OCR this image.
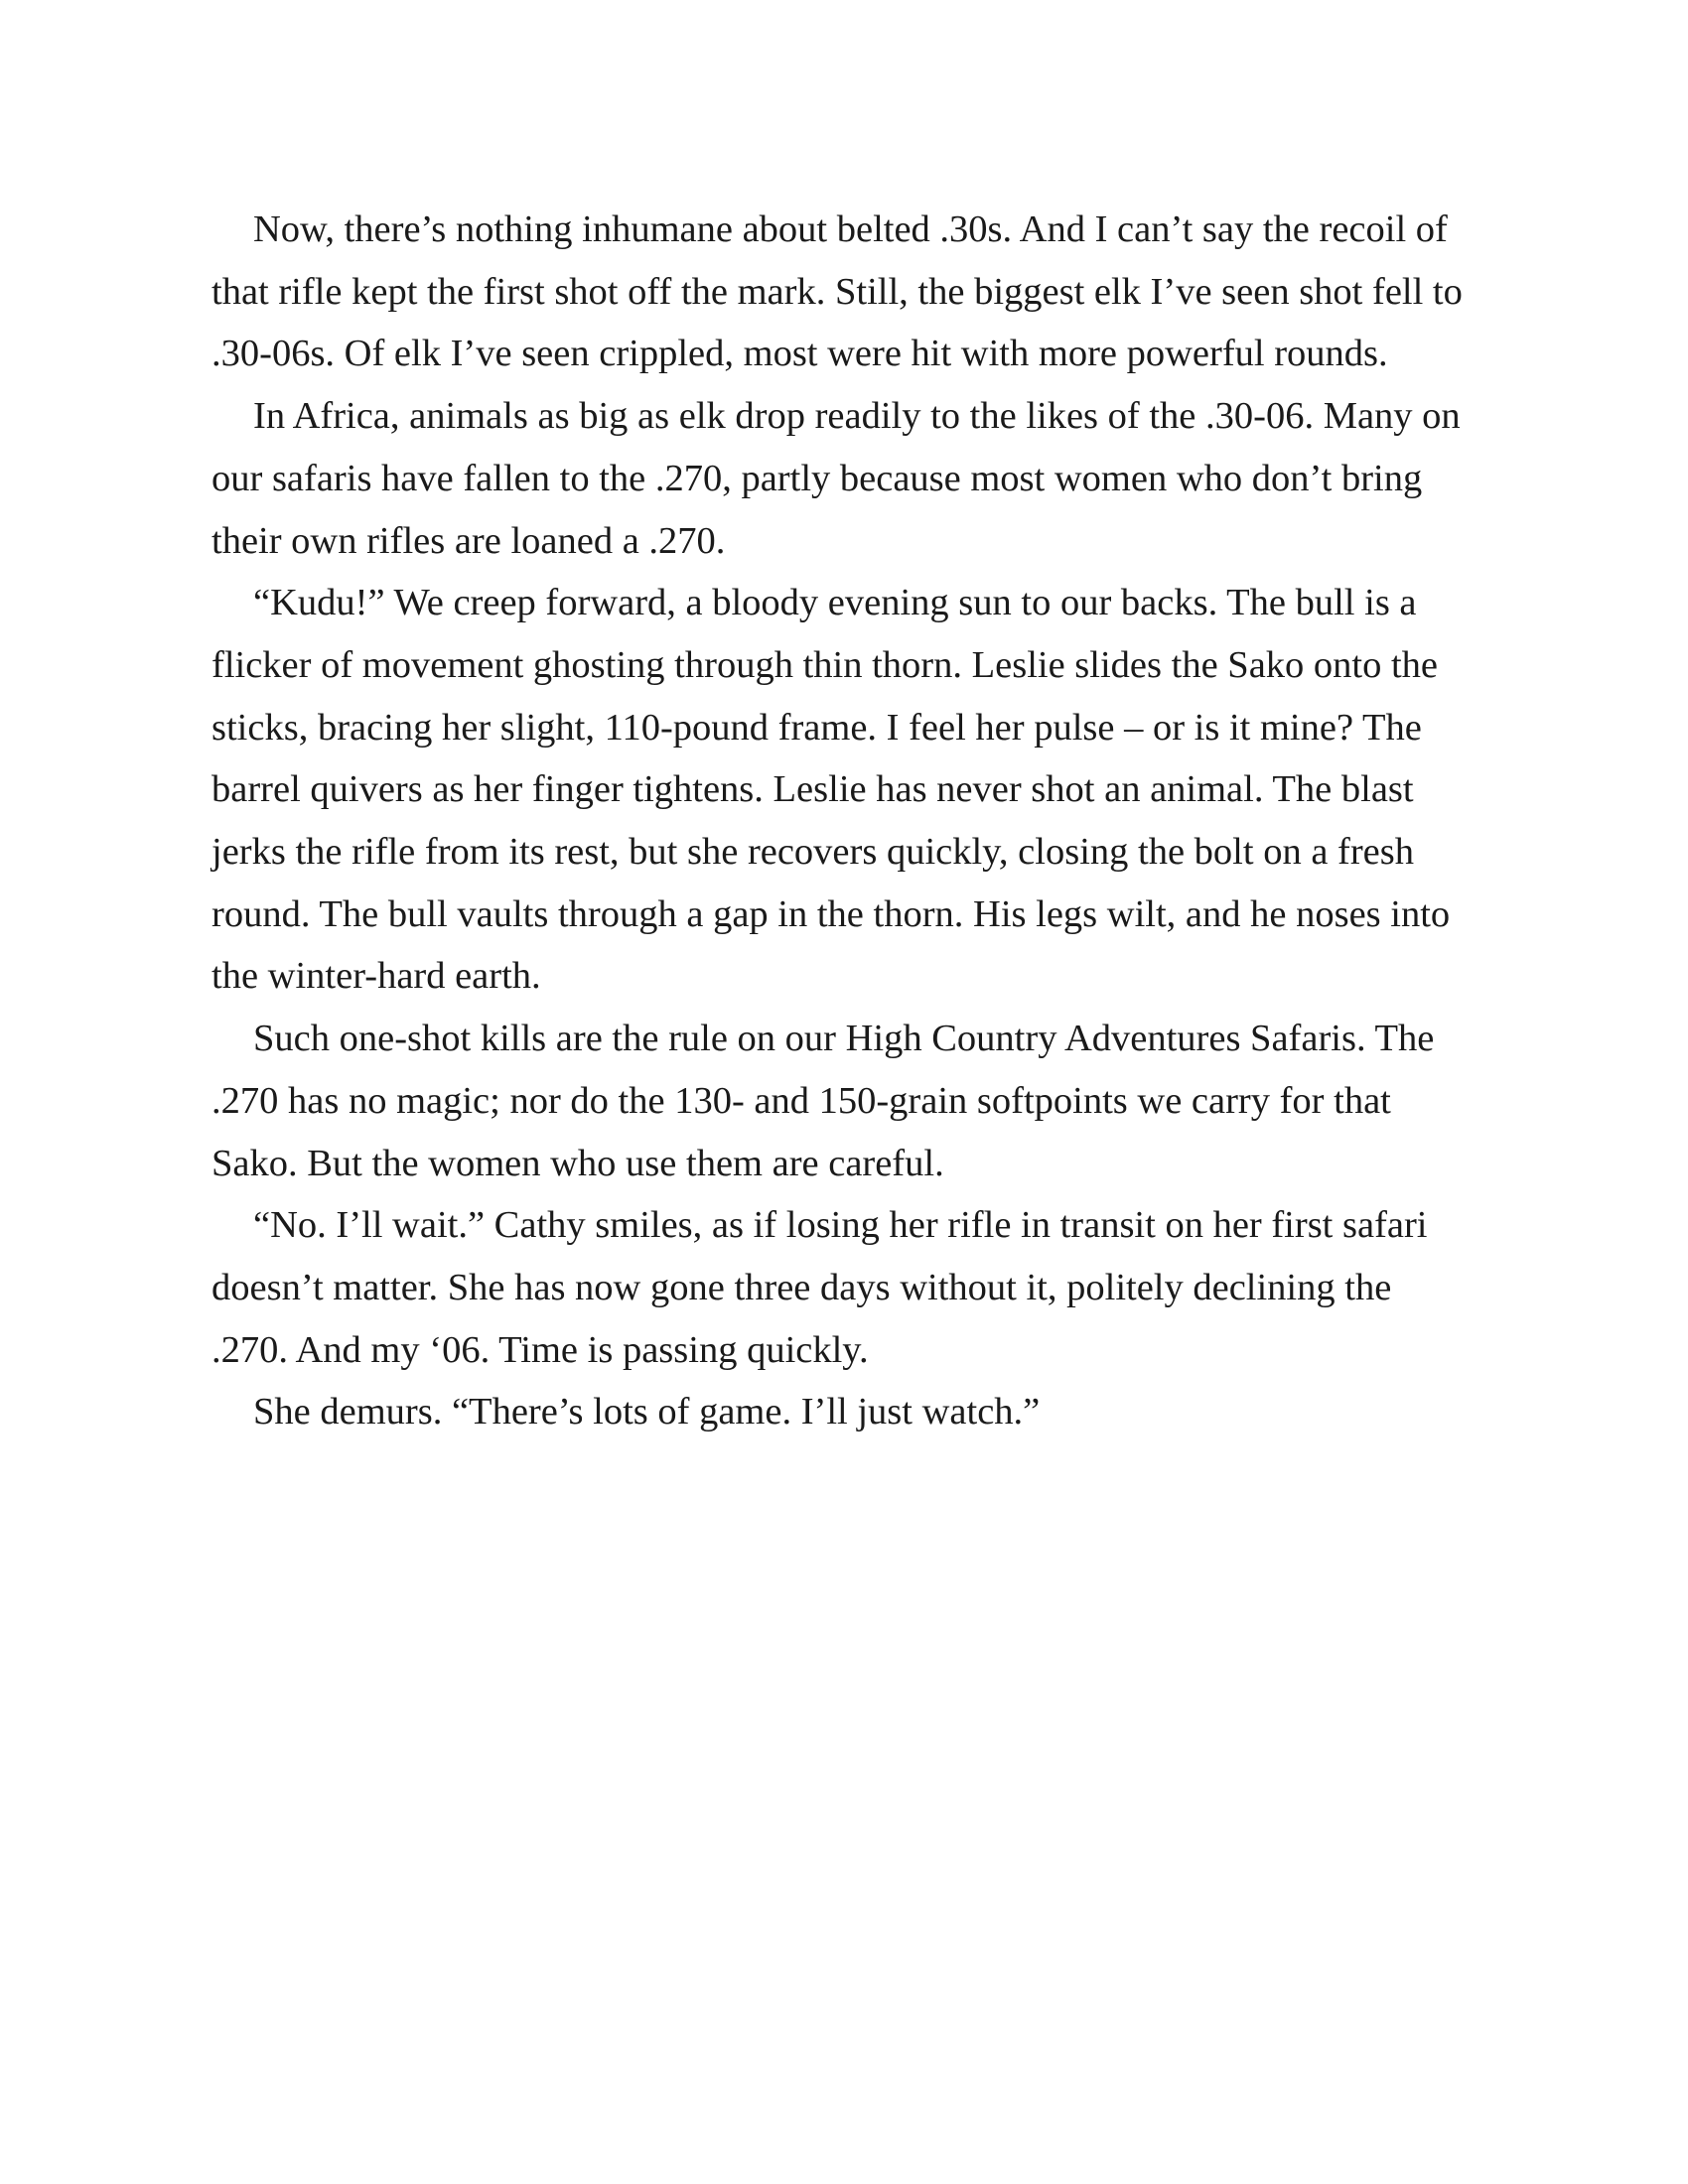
Now, there’s nothing inhumane about belted .30s. And I can’t say the recoil of that rifle kept the first shot off the mark. Still, the biggest elk I’ve seen shot fell to .30-06s. Of elk I’ve seen crippled, most were hit with more powerful rounds.

In Africa, animals as big as elk drop readily to the likes of the .30-06. Many on our safaris have fallen to the .270, partly because most women who don’t bring their own rifles are loaned a .270.

“Kudu!” We creep forward, a bloody evening sun to our backs. The bull is a flicker of movement ghosting through thin thorn. Leslie slides the Sako onto the sticks, bracing her slight, 110-pound frame. I feel her pulse – or is it mine? The barrel quivers as her finger tightens. Leslie has never shot an animal. The blast jerks the rifle from its rest, but she recovers quickly, closing the bolt on a fresh round. The bull vaults through a gap in the thorn. His legs wilt, and he noses into the winter-hard earth.

Such one-shot kills are the rule on our High Country Adventures Safaris. The .270 has no magic; nor do the 130- and 150-grain softpoints we carry for that Sako. But the women who use them are careful.

“No. I’ll wait.” Cathy smiles, as if losing her rifle in transit on her first safari doesn’t matter. She has now gone three days without it, politely declining the .270. And my ‘06. Time is passing quickly.

She demurs. “There’s lots of game. I’ll just watch.”
